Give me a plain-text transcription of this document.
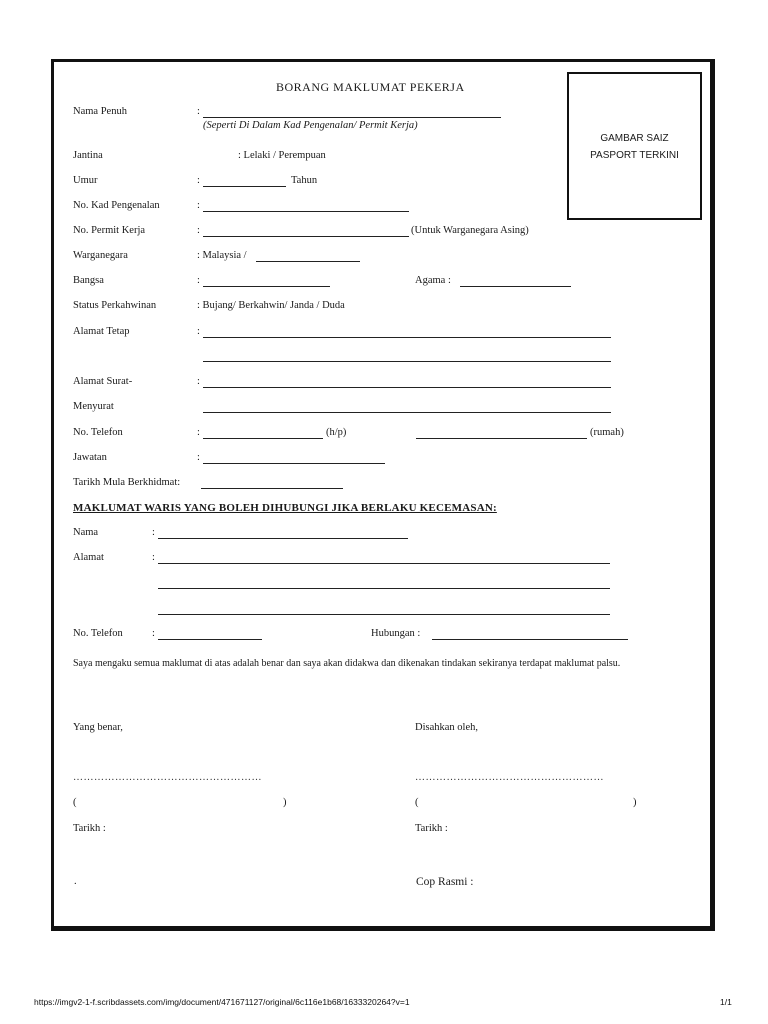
BORANG MAKLUMAT PEKERJA
GAMBAR SAIZ
PASPORT TERKINI
Nama Penuh	:
(Seperti Di Dalam Kad Pengenalan/ Permit Kerja)
Jantina	: Lelaki / Perempuan
Umur	:	Tahun
No. Kad Pengenalan	:
No. Permit Kerja	:	(Untuk Warganegara Asing)
Warganegara	: Malaysia /
Bangsa	:	Agama :
Status Perkahwinan	: Bujang/ Berkahwin/ Janda / Duda
Alamat Tetap	:
Alamat Surat-	:
Menyurat
No. Telefon	:	(h/p)	(rumah)
Jawatan	:
Tarikh Mula Berkhidmat:
MAKLUMAT WARIS YANG BOLEH DIHUBUNGI JIKA BERLAKU KECEMASAN:
Nama	:
Alamat	:
No. Telefon	:	Hubungan :
Saya mengaku semua maklumat di atas adalah benar dan saya akan didakwa dan dikenakan tindakan sekiranya terdapat maklumat palsu.
Yang benar,	Disahkan oleh,
………………………………………………	………………………………………………
(	)	(	)
Tarikh :	Tarikh :
.	Cop Rasmi :
https://imgv2-1-f.scribdassets.com/img/document/471671127/original/6c116e1b68/1633320264?v=1	1/1
